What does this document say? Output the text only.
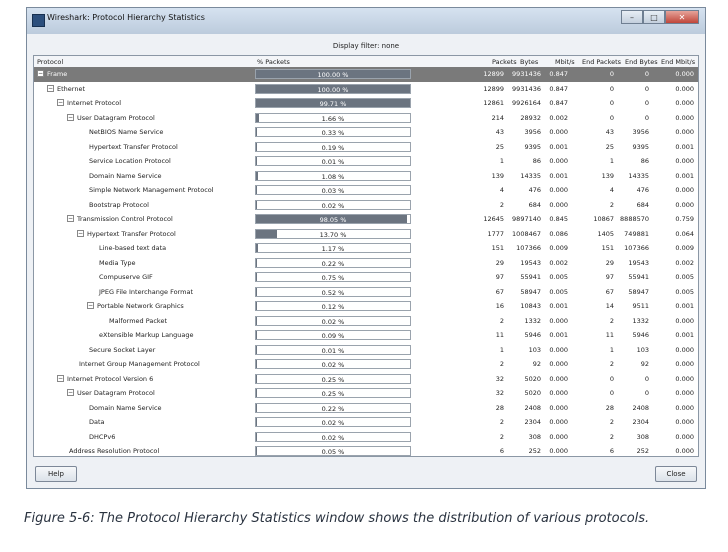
Wireshark: Protocol Hierarchy Statistics	–	□	✕
Display filter: none
Protocol	% Packets	Packets Bytes	Mbit/s End Packets End Bytes End Mbit/s
− Frame	100.00 %	12899 9931436 0.847	0	0	0.000
− Ethernet	100.00 %	12899 9931436 0.847	0	0	0.000
− Internet Protocol	99.71 %	12861 9926164 0.847	0	0	0.000
− User Datagram Protocol	1.66 %	214	28932 0.002	0	0	0.000
NetBIOS Name Service	0.33 %	43	3956 0.000	43	3956	0.000
Hypertext Transfer Protocol	0.19 %	25	9395 0.001	25	9395	0.001
Service Location Protocol	0.01 %	1	86 0.000	1	86	0.000
Domain Name Service	1.08 %	139	14335 0.001	139 14335	0.001
Simple Network Management Protocol	0.03 %	4	476 0.000	4	476	0.000
Bootstrap Protocol	0.02 %	2	684 0.000	2	684	0.000
− Transmission Control Protocol	98.05 %	12645 9897140 0.845	10867 8888570	0.759
− Hypertext Transfer Protocol	13.70 %	1777 1008467 0.086	1405 749881	0.064
Line-based text data	1.17 %	151 107366 0.009	151 107366	0.009
Media Type	0.22 %	29	19543 0.002	29 19543	0.002
Compuserve GIF	0.75 %	97	55941 0.005	97 55941	0.005
JPEG File Interchange Format	0.52 %	67	58947 0.005	67 58947	0.005
− Portable Network Graphics	0.12 %	16	10843 0.001	14	9511	0.001
Malformed Packet	0.02 %	2	1332 0.000	2	1332	0.000
eXtensible Markup Language	0.09 %	11	5946 0.001	11	5946	0.001
Secure Socket Layer	0.01 %	1	103 0.000	1	103	0.000
Internet Group Management Protocol	0.02 %	2	92 0.000	2	92	0.000
− Internet Protocol Version 6	0.25 %	32	5020 0.000	0	0	0.000
− User Datagram Protocol	0.25 %	32	5020 0.000	0	0	0.000
Domain Name Service	0.22 %	28	2408 0.000	28	2408	0.000
Data	0.02 %	2	2304 0.000	2	2304	0.000
DHCPv6	0.02 %	2	308 0.000	2	308	0.000
Address Resolution Protocol	0.05 %	6	252 0.000	6	252	0.000
Help	Close
Figure 5-6: The Protocol Hierarchy Statistics window shows the distribution of various protocols.
